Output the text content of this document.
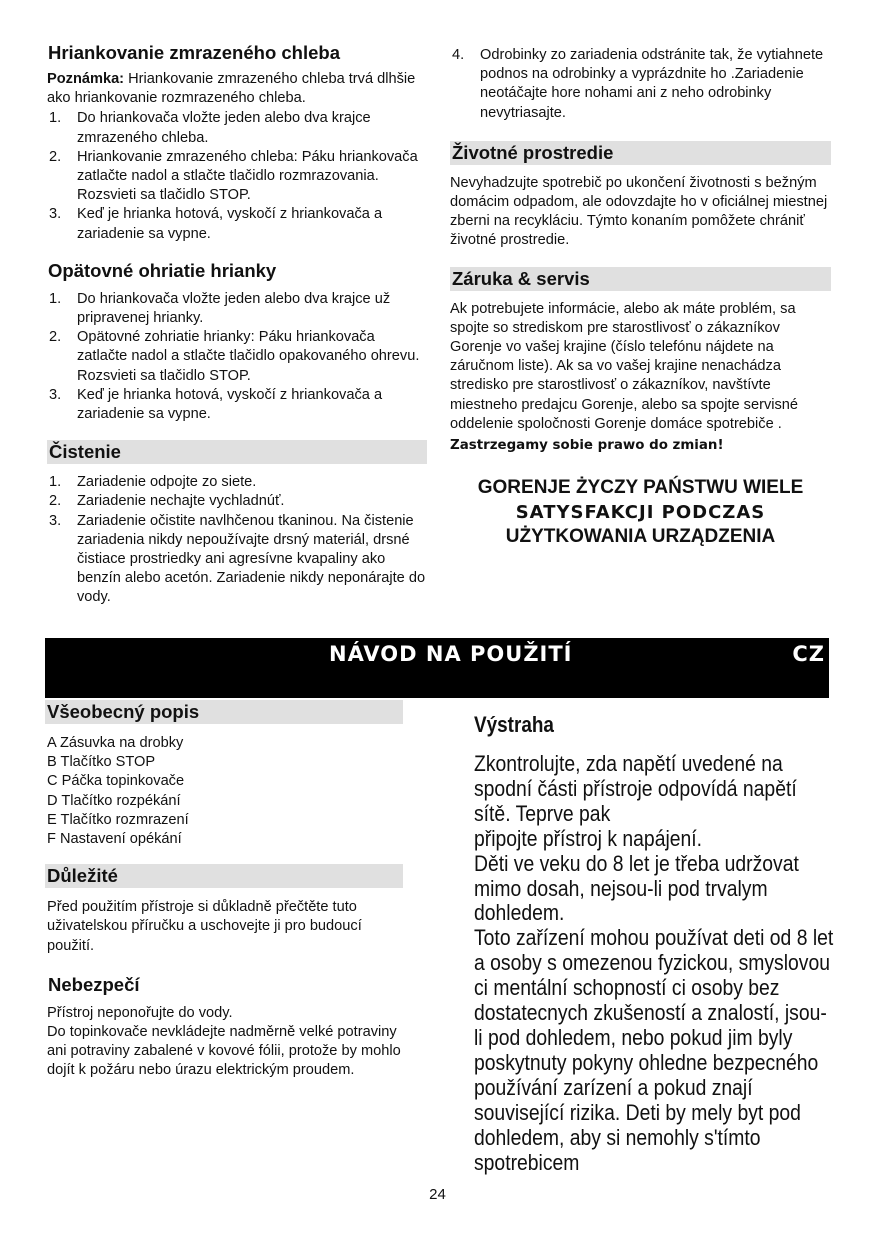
Hriankovanie zmrazeného chleba

Poznámka: Hriankovanie zmrazeného chleba trvá dlhšie ako hriankovanie rozmrazeného chleba.

1. Do hriankovača vložte jeden alebo dva krajce zmrazeného chleba.
2. Hriankovanie zmrazeného chleba: Páku hriankovača zatlačte nadol a stlačte tlačidlo rozmrazovania. Rozsvieti sa tlačidlo STOP.
3. Keď je hrianka hotová, vyskočí z hriankovača a zariadenie sa vypne.
Opätovné ohriatie hrianky
1. Do hriankovača vložte jeden alebo dva krajce už pripravenej hrianky.
2. Opätovné zohriatie hrianky: Páku hriankovača zatlačte nadol a stlačte tlačidlo opakovaného ohrevu. Rozsvieti sa tlačidlo STOP.
3. Keď je hrianka hotová, vyskočí z hriankovača a zariadenie sa vypne.
Čistenie
1. Zariadenie odpojte zo siete.
2. Zariadenie nechajte vychladnúť.
3. Zariadenie očistite navlhčenou tkaninou. Na čistenie zariadenia nikdy nepoužívajte drsný materiál, drsné čistiace prostriedky ani agresívne kvapaliny ako benzín alebo acetón. Zariadenie nikdy neponárajte do vody.
4. Odrobinky zo zariadenia odstránite tak, že vytiahnete podnos na odrobinky a vyprázdnite ho .Zariadenie neotáčajte hore nohami ani z neho odrobinky nevytriasajte.
Životné prostredie

Nevyhadzujte spotrebič po ukončení životnosti s bežným domácim odpadom, ale odovzdajte ho v oficiálnej miestnej zberni na recykláciu. Týmto konaním pomôžete chrániť životné prostredie.

Záruka & servis

Ak potrebujete informácie, alebo ak máte problém, sa spojte so strediskom pre starostlivosť o zákazníkov Gorenje vo vašej krajine (číslo telefónu nájdete na záručnom liste). Ak sa vo vašej krajine nenachádza stredisko pre starostlivosť o zákazníkov, navštívte miestneho predajcu Gorenje, alebo sa spojte servisné oddelenie spoločnosti Gorenje domáce spotrebiče .

Zastrzegamy sobie prawo do zmian!

GORENJE ŻYCZY PAŃSTWU WIELE
SATYSFAKCJI PODCZAS
UŻYTKOWANIA URZĄDZENIA
NÁVOD NA POUŽITÍ	CZ
Všeobecný popis

A Zásuvka na drobky

B Tlačítko STOP

C Páčka topinkovače

D Tlačítko rozpékání

E Tlačítko rozmrazení

F Nastavení opékání

Důležité

Před použitím přístroje si důkladně přečtěte tuto uživatelskou příručku a uschovejte ji pro budoucí použití.

Nebezpečí

Přístroj neponořujte do vody.

Do topinkovače nevkládejte nadměrně velké potraviny ani potraviny zabalené v kovové fólii, protože by mohlo dojít k požáru nebo úrazu elektrickým proudem.

Výstraha
Zkontrolujte, zda napětí uvedené na spodní části přístroje odpovídá napětí sítě. Teprve pak
připojte přístroj k napájení.
Děti ve veku do 8 let je třeba udržovat mimo dosah, nejsou-li pod trvalym dohledem.
Toto zařízení mohou používat deti od 8 let a osoby s omezenou fyzickou, smyslovou ci mentální schopností ci osoby bez dostatecnych zkušeností a znalostí, jsou-li pod dohledem, nebo pokud jim byly poskytnuty pokyny ohledne bezpecného používání zarízení a pokud znají související rizika. Deti by mely byt pod dohledem, aby si nemohly s'tímto spotrebicem
24
